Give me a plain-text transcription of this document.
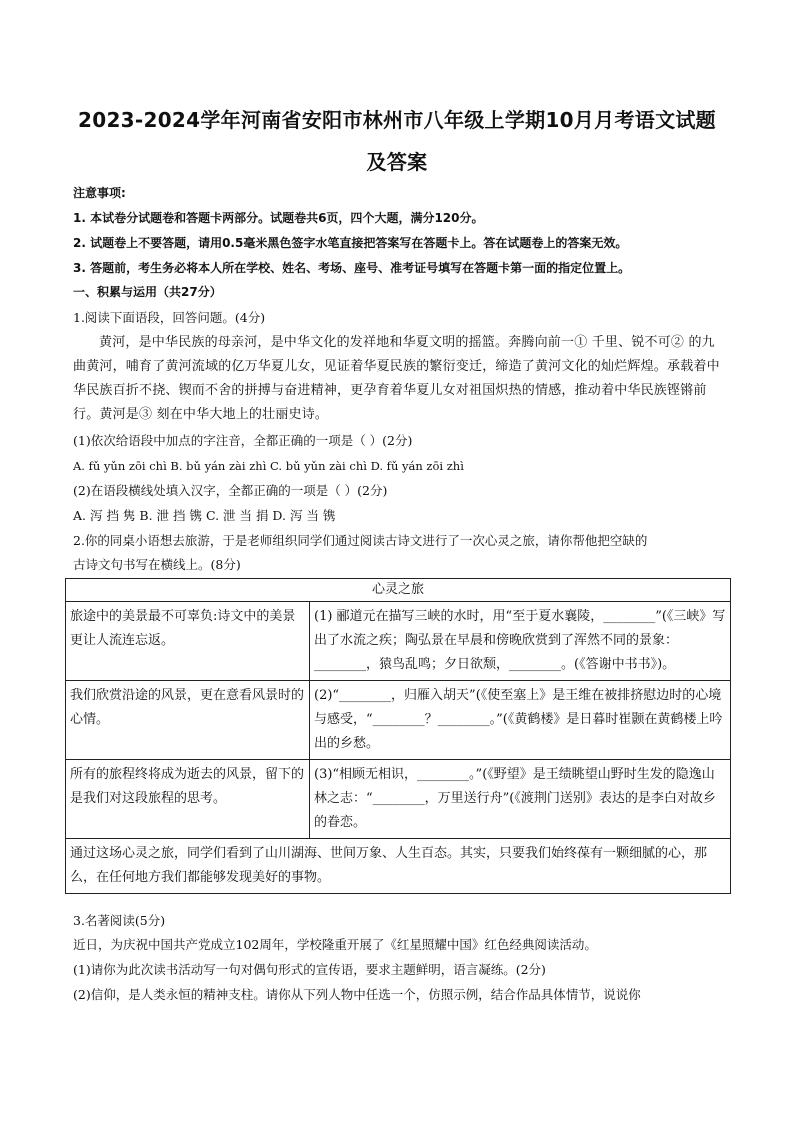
2023-2024学年河南省安阳市林州市八年级上学期10月月考语文试题
及答案
注意事项:
1. 本试卷分试题卷和答题卡两部分。试题卷共6页，四个大题，满分120分。
2. 试题卷上不要答题，请用0.5毫米黑色签字水笔直接把答案写在答题卡上。答在试题卷上的答案无效。
3. 答题前，考生务必将本人所在学校、姓名、考场、座号、准考证号填写在答题卡第一面的指定位置上。
一、积累与运用（共27分）
1.阅读下面语段，回答问题。(4分)
黄河，是中华民族的母亲河，是中华文化的发祥地和华夏文明的摇篮。奔腾向前一① 千里、锐不可② 的九曲黄河，哺育了黄河流域的亿万华夏儿女，见证着华夏民族的繁衍变迁，缔造了黄河文化的灿烂辉煌。承载着中华民族百折不挠、锲而不舍的拼搏与奋进精神，更孕育着华夏儿女对祖国炽热的情感，推动着中华民族铿锵前行。黄河是③ 刻在中华大地上的壮丽史诗。
(1)依次给语段中加点的字注音，全都正确的一项是（ ）(2分)
A. fǔ yǔn zōi chì B. bǔ yán zài zhì C. bǔ yǔn zài chì D. fǔ yán zōi zhì
(2)在语段横线处填入汉字，全都正确的一项是（ ）(2分)
A. 泻 挡 隽 B. 泄 挡 镌 C. 泄 当 捐 D. 泻 当 镌
2.你的同桌小语想去旅游，于是老师组织同学们通过阅读古诗文进行了一次心灵之旅，请你帮他把空缺的
古诗文句书写在横线上。(8分)
心灵之旅	
旅途中的美景最不可辜负:诗文中的美景更让人流连忘返。	(1) 郦道元在描写三峡的水时，用“至于夏水襄陵，________”(《三峡》写出了水流之疾；陶弘景在早晨和傍晚欣赏到了浑然不同的景象：________，猿鸟乱鸣；夕日欲颓，________。(《答谢中书书》)。
我们欣赏沿途的风景，更在意看风景时的心情。	(2)“________，归雁入胡天”(《使至塞上》是王维在被排挤慰边时的心境与感受，“________？________。”(《黄鹤楼》是日暮时崔颢在黄鹤楼上吟出的乡愁。
所有的旅程终将成为逝去的风景，留下的是我们对这段旅程的思考。	(3)“相顾无相识，________。”(《野望》是王绩眺望山野时生发的隐逸山林之志：“________，万里送行舟”(《渡荆门送别》表达的是李白对故乡的眷恋。
通过这场心灵之旅，同学们看到了山川湖海、世间万象、人生百态。其实，只要我们始终葆有一颗细腻的心，那么，在任何地方我们都能够发现美好的事物。	
3.名著阅读(5分)
近日，为庆祝中国共产党成立102周年，学校隆重开展了《红星照耀中国》红色经典阅读活动。
(1)请你为此次读书活动写一句对偶句形式的宣传语，要求主题鲜明，语言凝练。(2分)
(2)信仰，是人类永恒的精神支柱。请你从下列人物中任选一个，仿照示例，结合作品具体情节，说说你
